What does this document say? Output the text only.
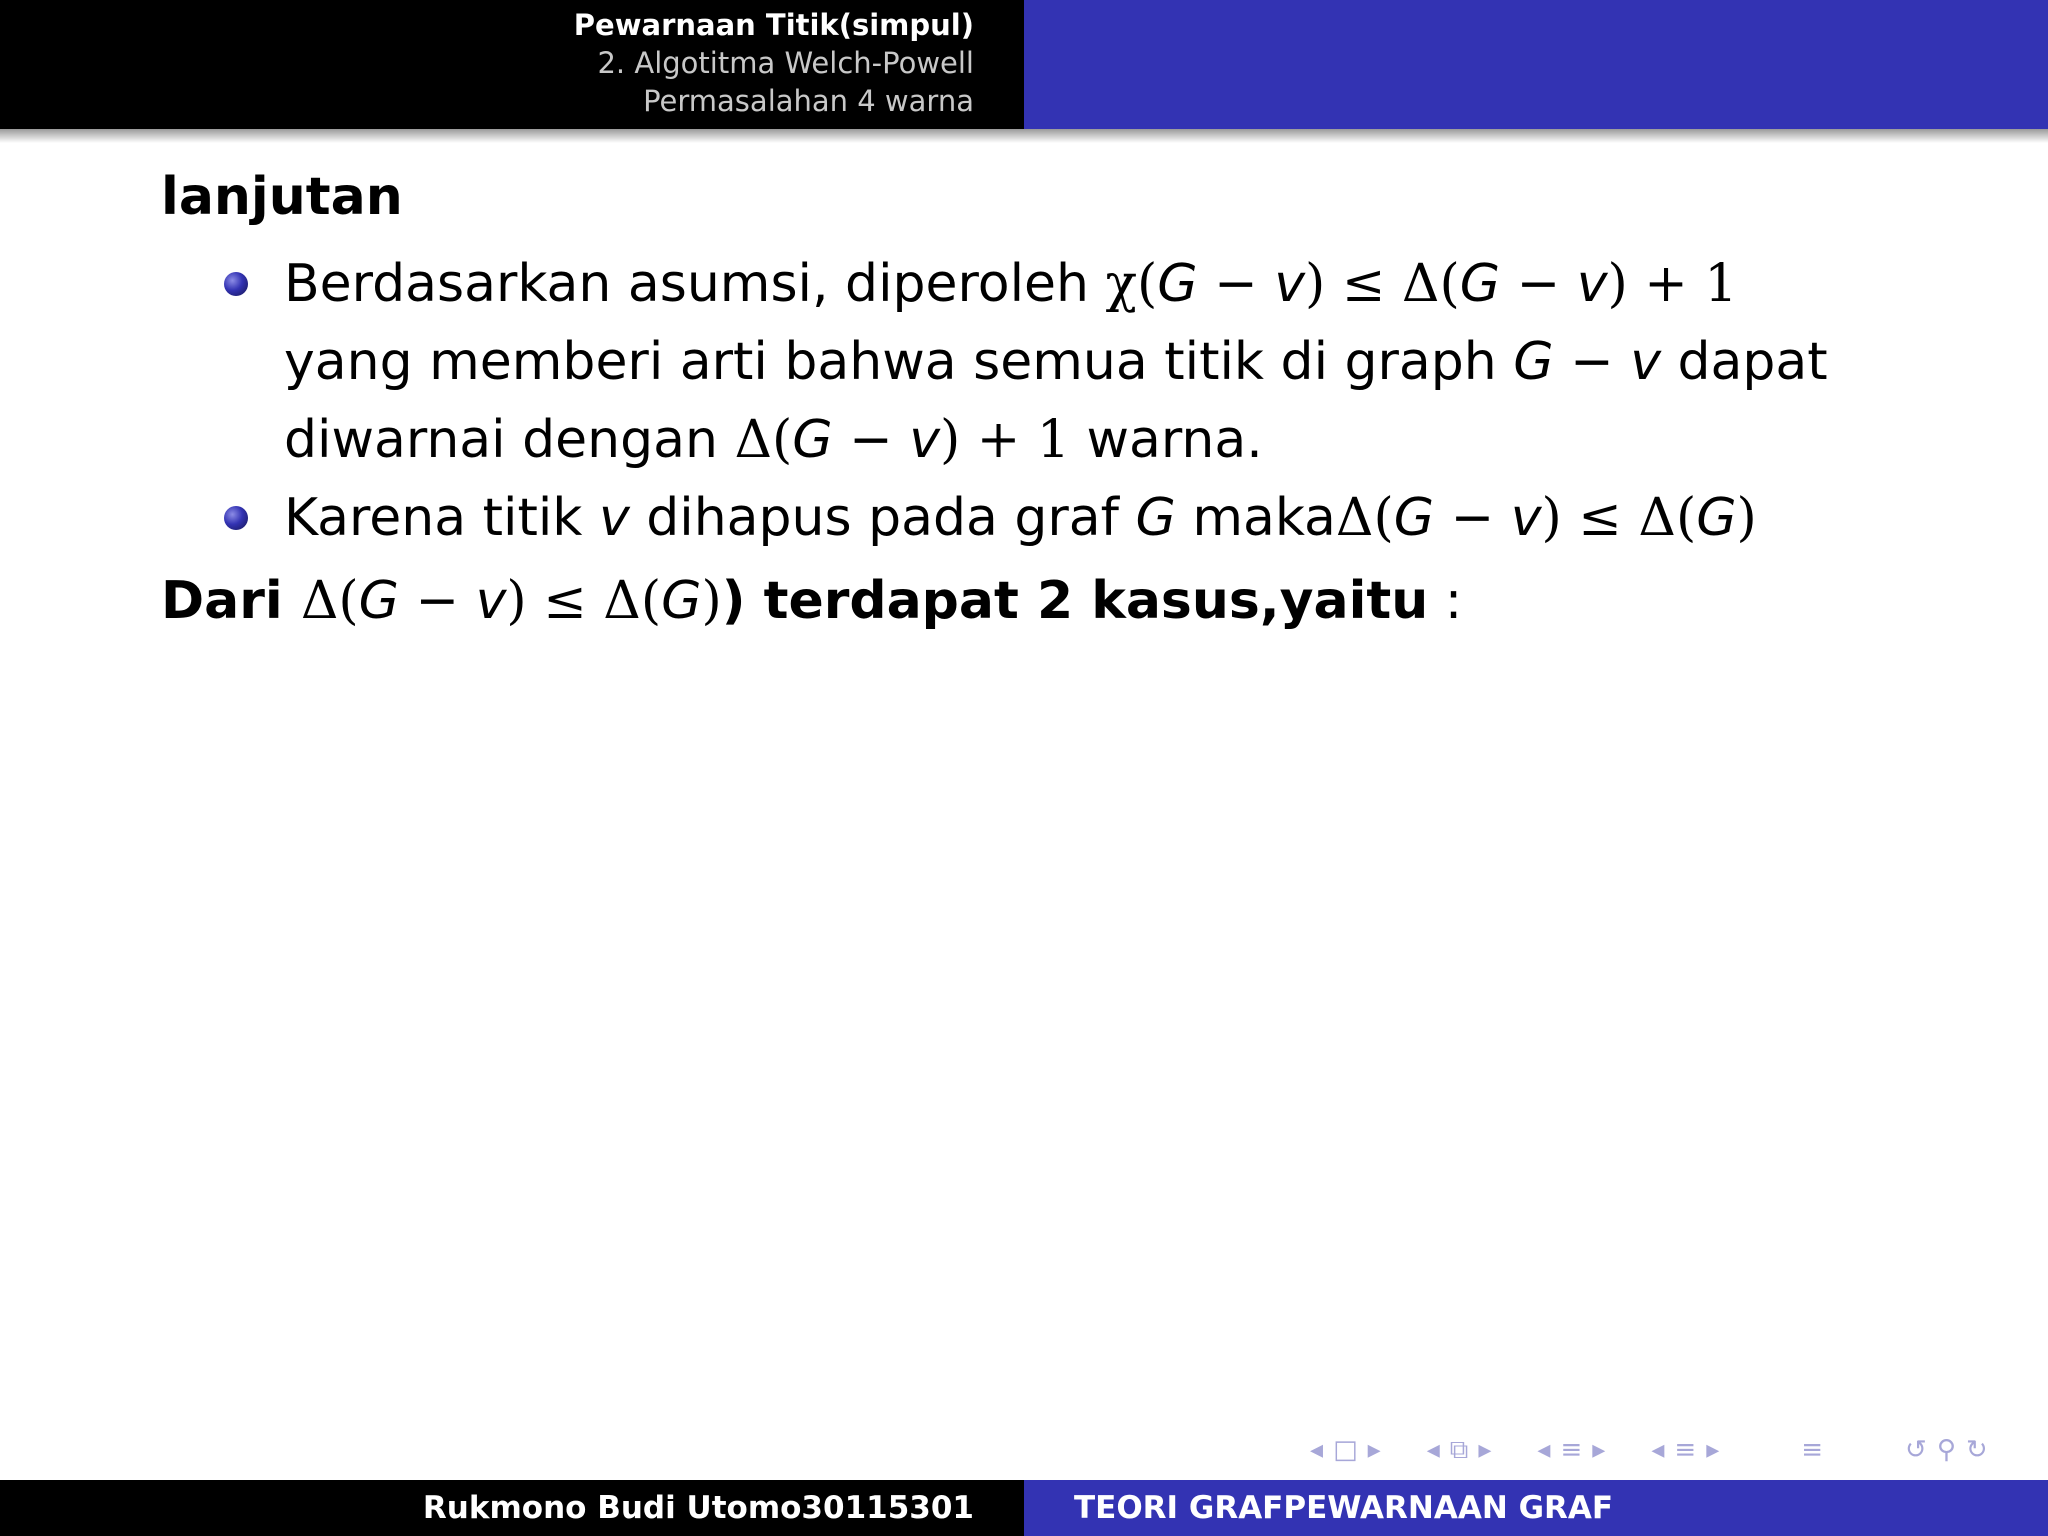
Pewarnaan Titik(simpul)
2. Algotitma Welch-Powell
Permasalahan 4 warna
lanjutan
Berdasarkan asumsi, diperoleh χ(G − v) ≤ Δ(G − v) + 1 yang memberi arti bahwa semua titik di graph G − v dapat diwarnai dengan Δ(G − v) + 1 warna.
Karena titik v dihapus pada graf G makaΔ(G − v) ≤ Δ(G)
Dari Δ(G − v) ≤ Δ(G)) terdapat 2 kasus,yaitu :
◂ □ ▸ ◂ ⧉ ▸ ◂ ≡ ▸ ◂ ≡ ▸	≡	↺ ⚲ ↻
Rukmono Budi Utomo30115301	TEORI GRAFPEWARNAAN GRAF
